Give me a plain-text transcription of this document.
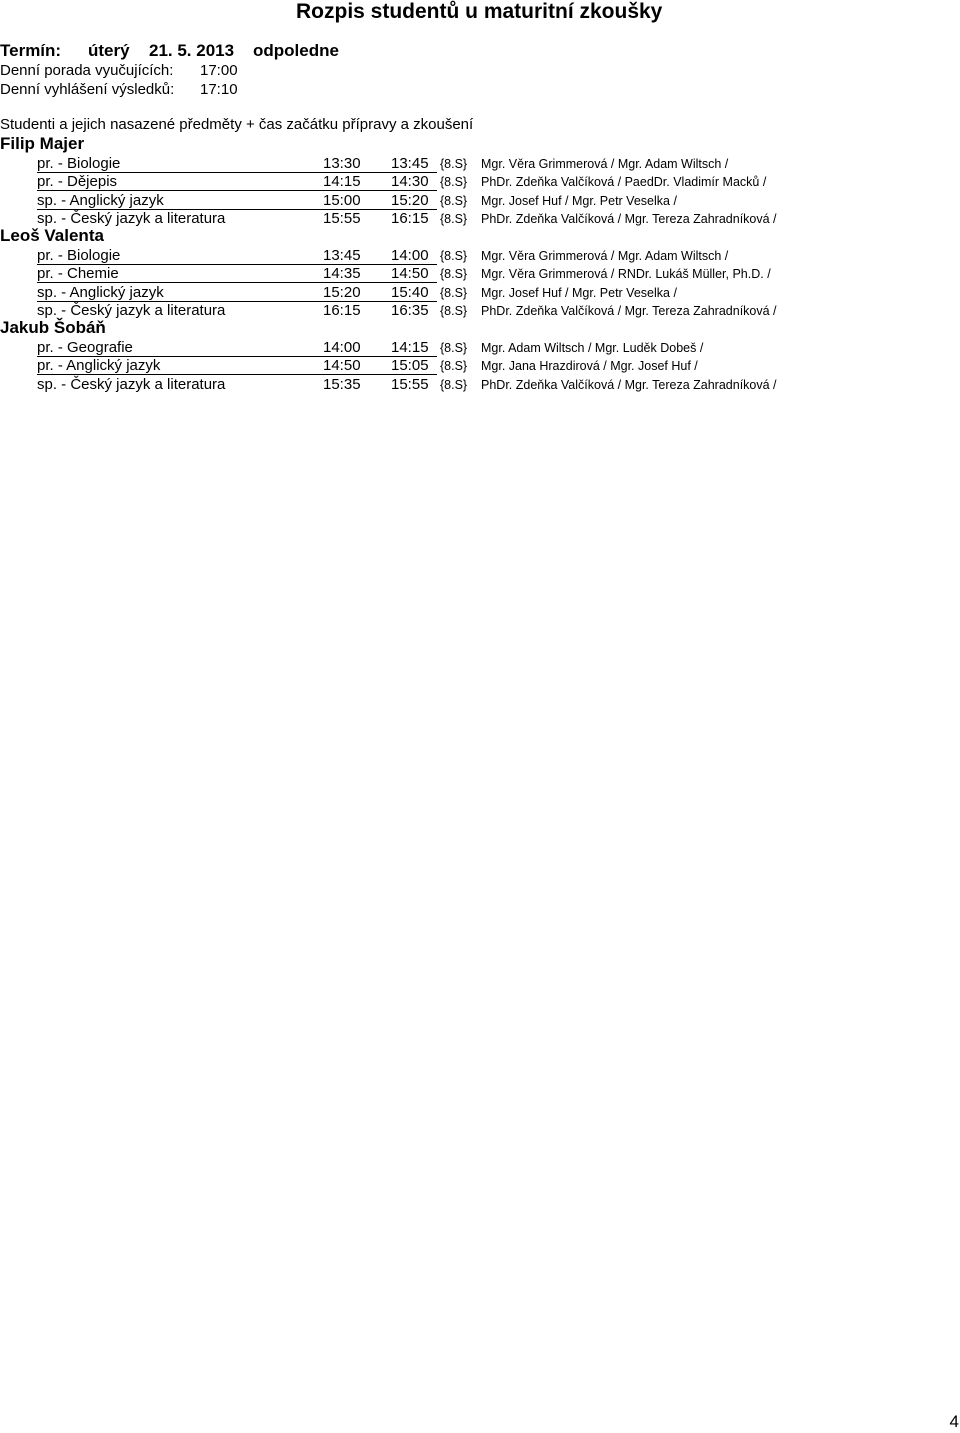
Rozpis studentů u maturitní zkoušky
Termín: úterý 21. 5. 2013 odpoledne
Denní porada vyučujících: 17:00
Denní vyhlášení výsledků: 17:10
Studenti a jejich nasazené předměty + čas začátku přípravy a zkoušení
Filip Majer
pr. - Biologie	13:30 13:45 {8.S} Mgr. Věra Grimmerová / Mgr. Adam Wiltsch /
pr. - Dějepis	14:15 14:30 {8.S} PhDr. Zdeňka Valčíková / PaedDr. Vladimír Macků /
sp. - Anglický jazyk	15:00 15:20 {8.S} Mgr. Josef Huf / Mgr. Petr Veselka /
sp. - Český jazyk a literatura	15:55 16:15 {8.S} PhDr. Zdeňka Valčíková / Mgr. Tereza Zahradníková /
Leoš Valenta
pr. - Biologie	13:45 14:00 {8.S} Mgr. Věra Grimmerová / Mgr. Adam Wiltsch /
pr. - Chemie	14:35 14:50 {8.S} Mgr. Věra Grimmerová / RNDr. Lukáš Müller, Ph.D. /
sp. - Anglický jazyk	15:20 15:40 {8.S} Mgr. Josef Huf / Mgr. Petr Veselka /
sp. - Český jazyk a literatura	16:15 16:35 {8.S} PhDr. Zdeňka Valčíková / Mgr. Tereza Zahradníková /
Jakub Šobáň
pr. - Geografie	14:00 14:15 {8.S} Mgr. Adam Wiltsch / Mgr. Luděk Dobeš /
pr. - Anglický jazyk	14:50 15:05 {8.S} Mgr. Jana Hrazdirová / Mgr. Josef Huf /
sp. - Český jazyk a literatura	15:35 15:55 {8.S} PhDr. Zdeňka Valčíková / Mgr. Tereza Zahradníková /
4
